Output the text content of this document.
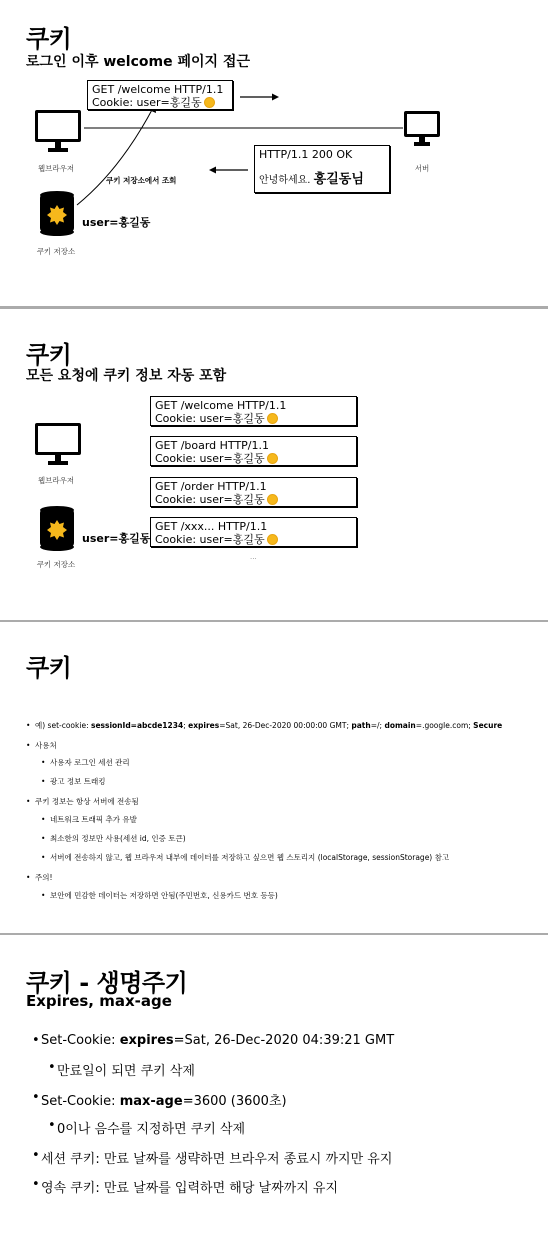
쿠키
로그인 이후 welcome 페이지 접근
웹브라우저	서버
GET /welcome HTTP/1.1
Cookie: user=홍길동
HTTP/1.1 200 OK
안녕하세요. 홍길동님
쿠키 저장소에서 조회
user=홍길동
쿠키 저장소
쿠키
모든 요청에 쿠키 정보 자동 포함
웹브라우저
user=홍길동
쿠키 저장소
GET /welcome HTTP/1.1
Cookie: user=홍길동
GET /board HTTP/1.1
Cookie: user=홍길동
GET /order HTTP/1.1
Cookie: user=홍길동
GET /xxx... HTTP/1.1
Cookie: user=홍길동
...
쿠키
• 예) set-cookie: sessionId=abcde1234; expires=Sat, 26-Dec-2020 00:00:00 GMT; path=/; domain=.google.com; Secure
• 사용처
• 사용자 로그인 세션 관리
• 광고 정보 트래킹
• 쿠키 정보는 항상 서버에 전송됨
• 네트워크 트래픽 추가 유발
• 최소한의 정보만 사용(세션 id, 인증 토큰)
• 서버에 전송하지 않고, 웹 브라우저 내부에 데이터를 저장하고 싶으면 웹 스토리지 (localStorage, sessionStorage) 참고
• 주의!
• 보안에 민감한 데이터는 저장하면 안됨(주민번호, 신용카드 번호 등등)
쿠키 - 생명주기
Expires, max-age
• Set-Cookie: expires=Sat, 26-Dec-2020 04:39:21 GMT
• 만료일이 되면 쿠키 삭제
• Set-Cookie: max-age=3600 (3600초)
• 0이나 음수를 지정하면 쿠키 삭제
• 세션 쿠키: 만료 날짜를 생략하면 브라우저 종료시 까지만 유지
• 영속 쿠키: 만료 날짜를 입력하면 해당 날짜까지 유지
